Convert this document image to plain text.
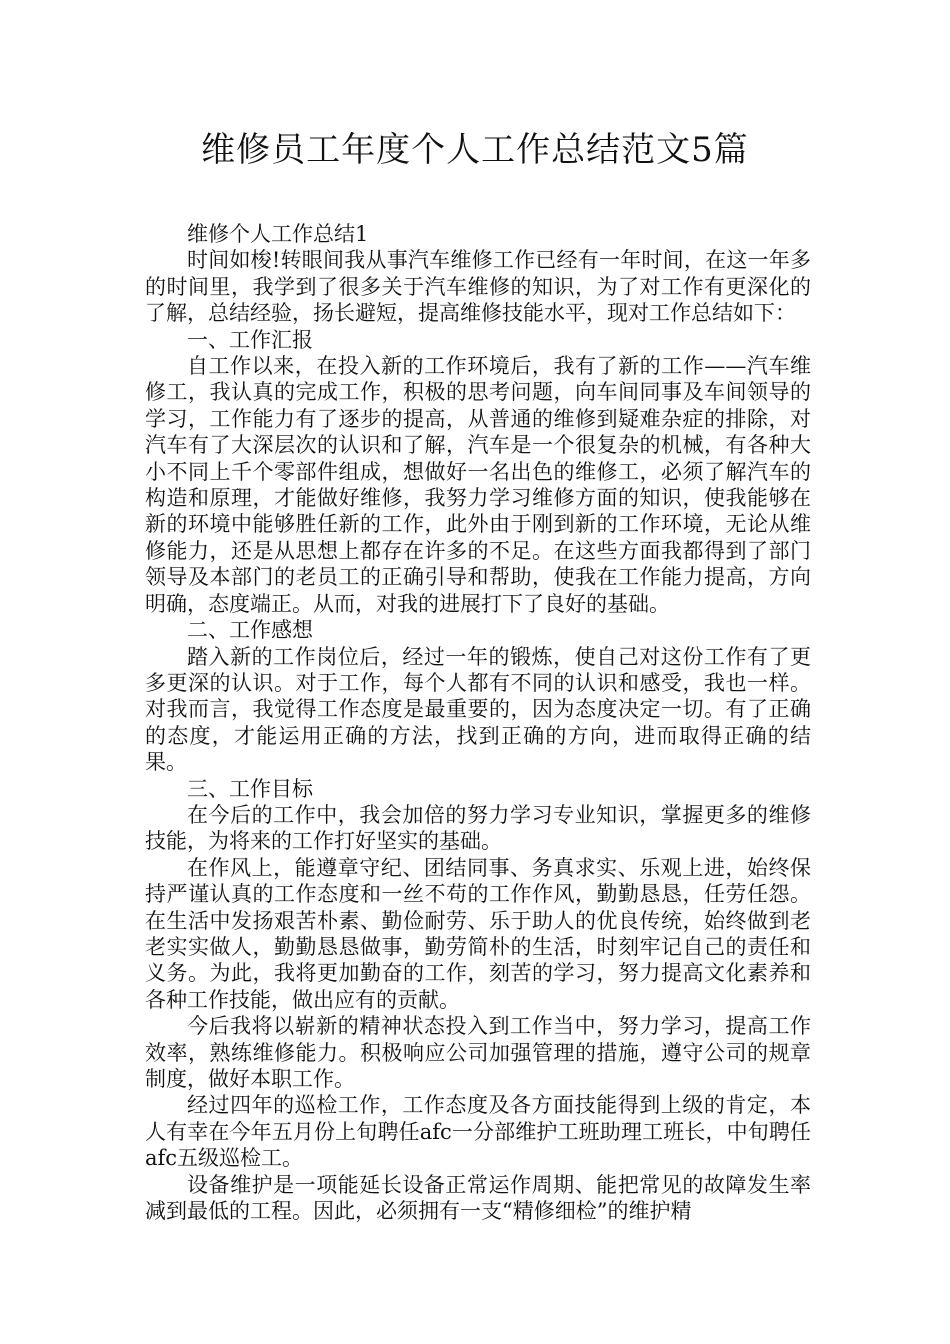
维修员工年度个人工作总结范文5篇

维修个人工作总结1

时间如梭!转眼间我从事汽车维修工作已经有一年时间，在这一年多的时间里，我学到了很多关于汽车维修的知识，为了对工作有更深化的了解，总结经验，扬长避短，提高维修技能水平，现对工作总结如下：

一、工作汇报

自工作以来，在投入新的工作环境后，我有了新的工作——汽车维修工，我认真的完成工作，积极的思考问题，向车间同事及车间领导的学习，工作能力有了逐步的提高，从普通的维修到疑难杂症的排除，对汽车有了大深层次的认识和了解，汽车是一个很复杂的机械，有各种大小不同上千个零部件组成，想做好一名出色的维修工，必须了解汽车的构造和原理，才能做好维修，我努力学习维修方面的知识，使我能够在新的环境中能够胜任新的工作，此外由于刚到新的工作环境，无论从维修能力，还是从思想上都存在许多的不足。在这些方面我都得到了部门领导及本部门的老员工的正确引导和帮助，使我在工作能力提高，方向明确，态度端正。从而，对我的进展打下了良好的基础。

二、工作感想

踏入新的工作岗位后，经过一年的锻炼，使自己对这份工作有了更多更深的认识。对于工作，每个人都有不同的认识和感受，我也一样。对我而言，我觉得工作态度是最重要的，因为态度决定一切。有了正确的态度，才能运用正确的方法，找到正确的方向，进而取得正确的结果。

三、工作目标

在今后的工作中，我会加倍的努力学习专业知识，掌握更多的维修技能，为将来的工作打好坚实的基础。

在作风上，能遵章守纪、团结同事、务真求实、乐观上进，始终保持严谨认真的工作态度和一丝不苟的工作作风，勤勤恳恳，任劳任怨。在生活中发扬艰苦朴素、勤俭耐劳、乐于助人的优良传统，始终做到老老实实做人，勤勤恳恳做事，勤劳简朴的生活，时刻牢记自己的责任和义务。为此，我将更加勤奋的工作，刻苦的学习，努力提高文化素养和各种工作技能，做出应有的贡献。

今后我将以崭新的精神状态投入到工作当中，努力学习，提高工作效率，熟练维修能力。积极响应公司加强管理的措施，遵守公司的规章制度，做好本职工作。

经过四年的巡检工作，工作态度及各方面技能得到上级的肯定，本人有幸在今年五月份上旬聘任afc一分部维护工班助理工班长，中旬聘任afc五级巡检工。

设备维护是一项能延长设备正常运作周期、能把常见的故障发生率减到最低的工程。因此，必须拥有一支“精修细检”的维护精
